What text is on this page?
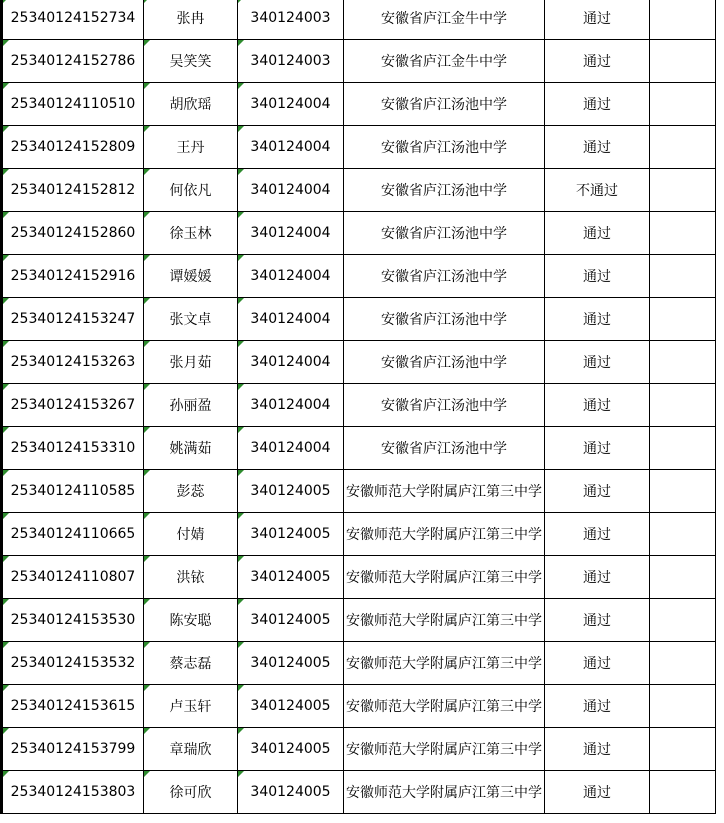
25340124152734	张冉	340124003	安徽省庐江金牛中学	通过	

25340124152786	吴笑笑	340124003	安徽省庐江金牛中学	通过	

25340124110510	胡欣瑶	340124004	安徽省庐江汤池中学	通过	

25340124152809	王丹	340124004	安徽省庐江汤池中学	通过	

25340124152812	何依凡	340124004	安徽省庐江汤池中学	不通过	

25340124152860	徐玉林	340124004	安徽省庐江汤池中学	通过	

25340124152916	谭媛媛	340124004	安徽省庐江汤池中学	通过	

25340124153247	张文卓	340124004	安徽省庐江汤池中学	通过	

25340124153263	张月茹	340124004	安徽省庐江汤池中学	通过	

25340124153267	孙丽盈	340124004	安徽省庐江汤池中学	通过	

25340124153310	姚满茹	340124004	安徽省庐江汤池中学	通过	

25340124110585	彭蕊	340124005	安徽师范大学附属庐江第三中学	通过	

25340124110665	付婧	340124005	安徽师范大学附属庐江第三中学	通过	

25340124110807	洪铱	340124005	安徽师范大学附属庐江第三中学	通过	

25340124153530	陈安聪	340124005	安徽师范大学附属庐江第三中学	通过	

25340124153532	蔡志磊	340124005	安徽师范大学附属庐江第三中学	通过	

25340124153615	卢玉轩	340124005	安徽师范大学附属庐江第三中学	通过	

25340124153799	章瑞欣	340124005	安徽师范大学附属庐江第三中学	通过	

25340124153803	徐可欣	340124005	安徽师范大学附属庐江第三中学	通过	
